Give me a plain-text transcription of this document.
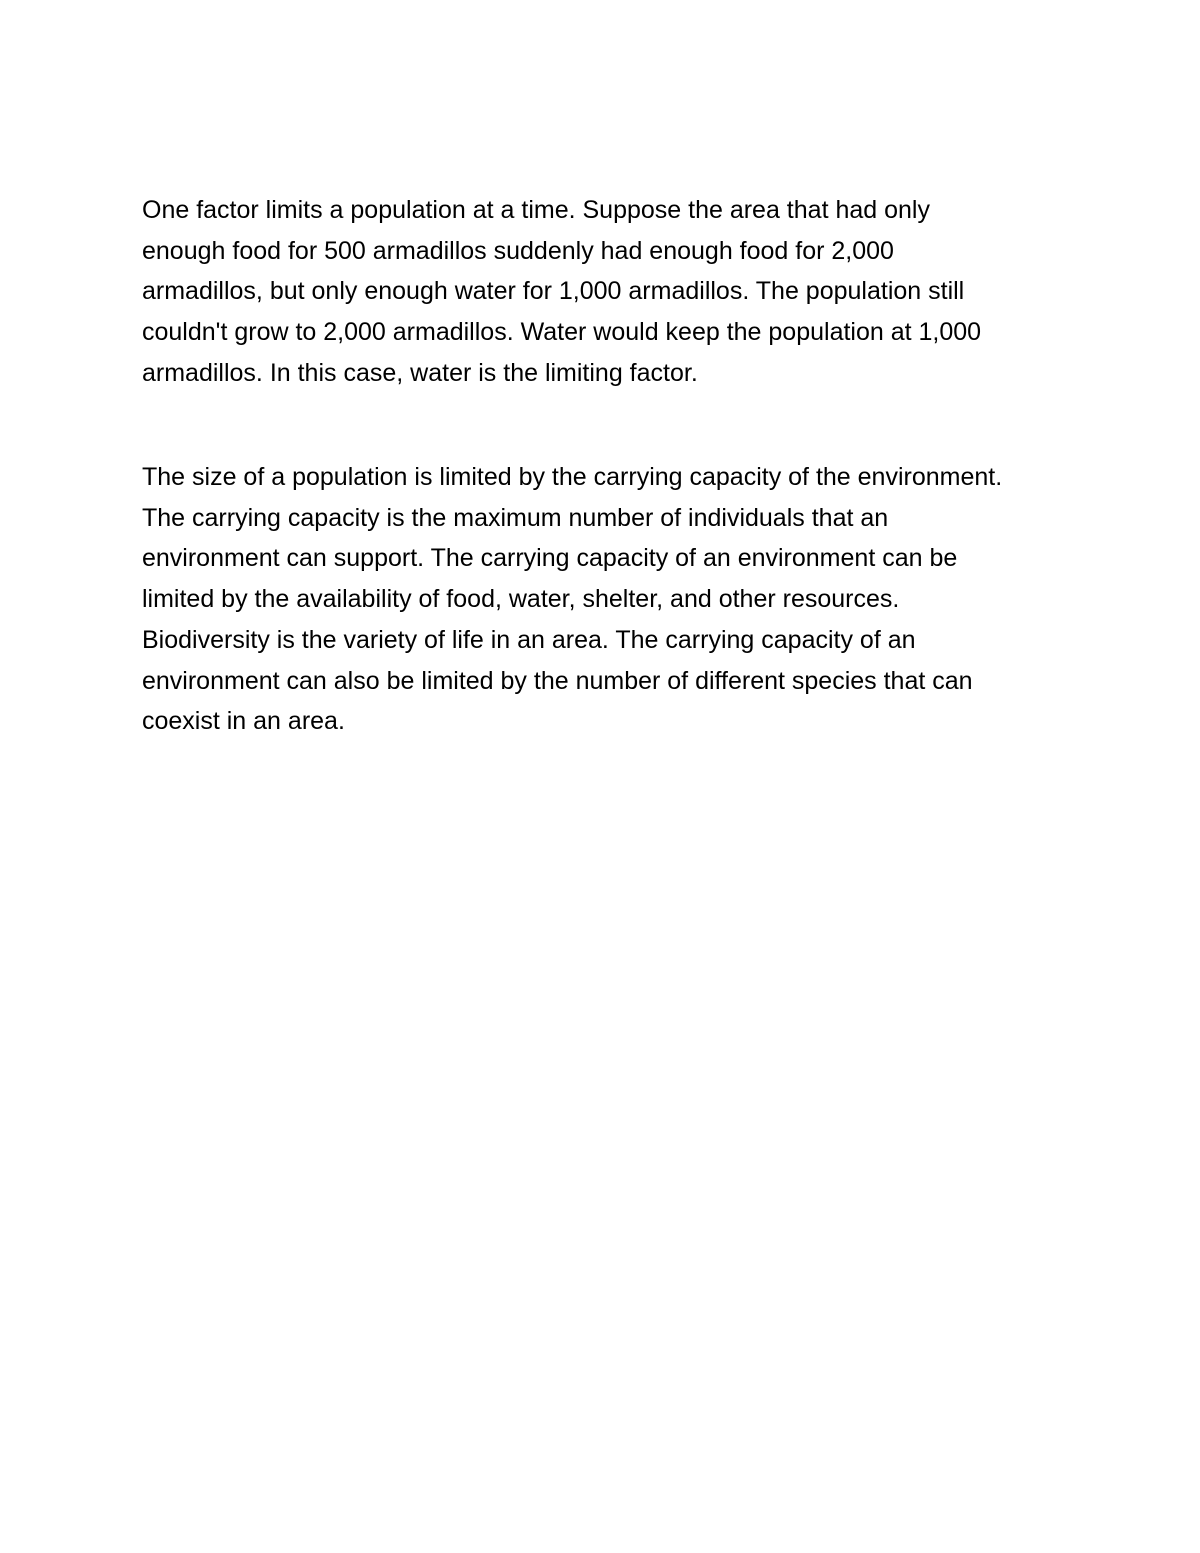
One factor limits a population at a time. Suppose the area that had only
enough food for 500 armadillos suddenly had enough food for 2,000
armadillos, but only enough water for 1,000 armadillos. The population still
couldn't grow to 2,000 armadillos. Water would keep the population at 1,000
armadillos. In this case, water is the limiting factor.

The size of a population is limited by the carrying capacity of the environment.
The carrying capacity is the maximum number of individuals that an
environment can support. The carrying capacity of an environment can be
limited by the availability of food, water, shelter, and other resources.
Biodiversity is the variety of life in an area. The carrying capacity of an
environment can also be limited by the number of different species that can
coexist in an area.
